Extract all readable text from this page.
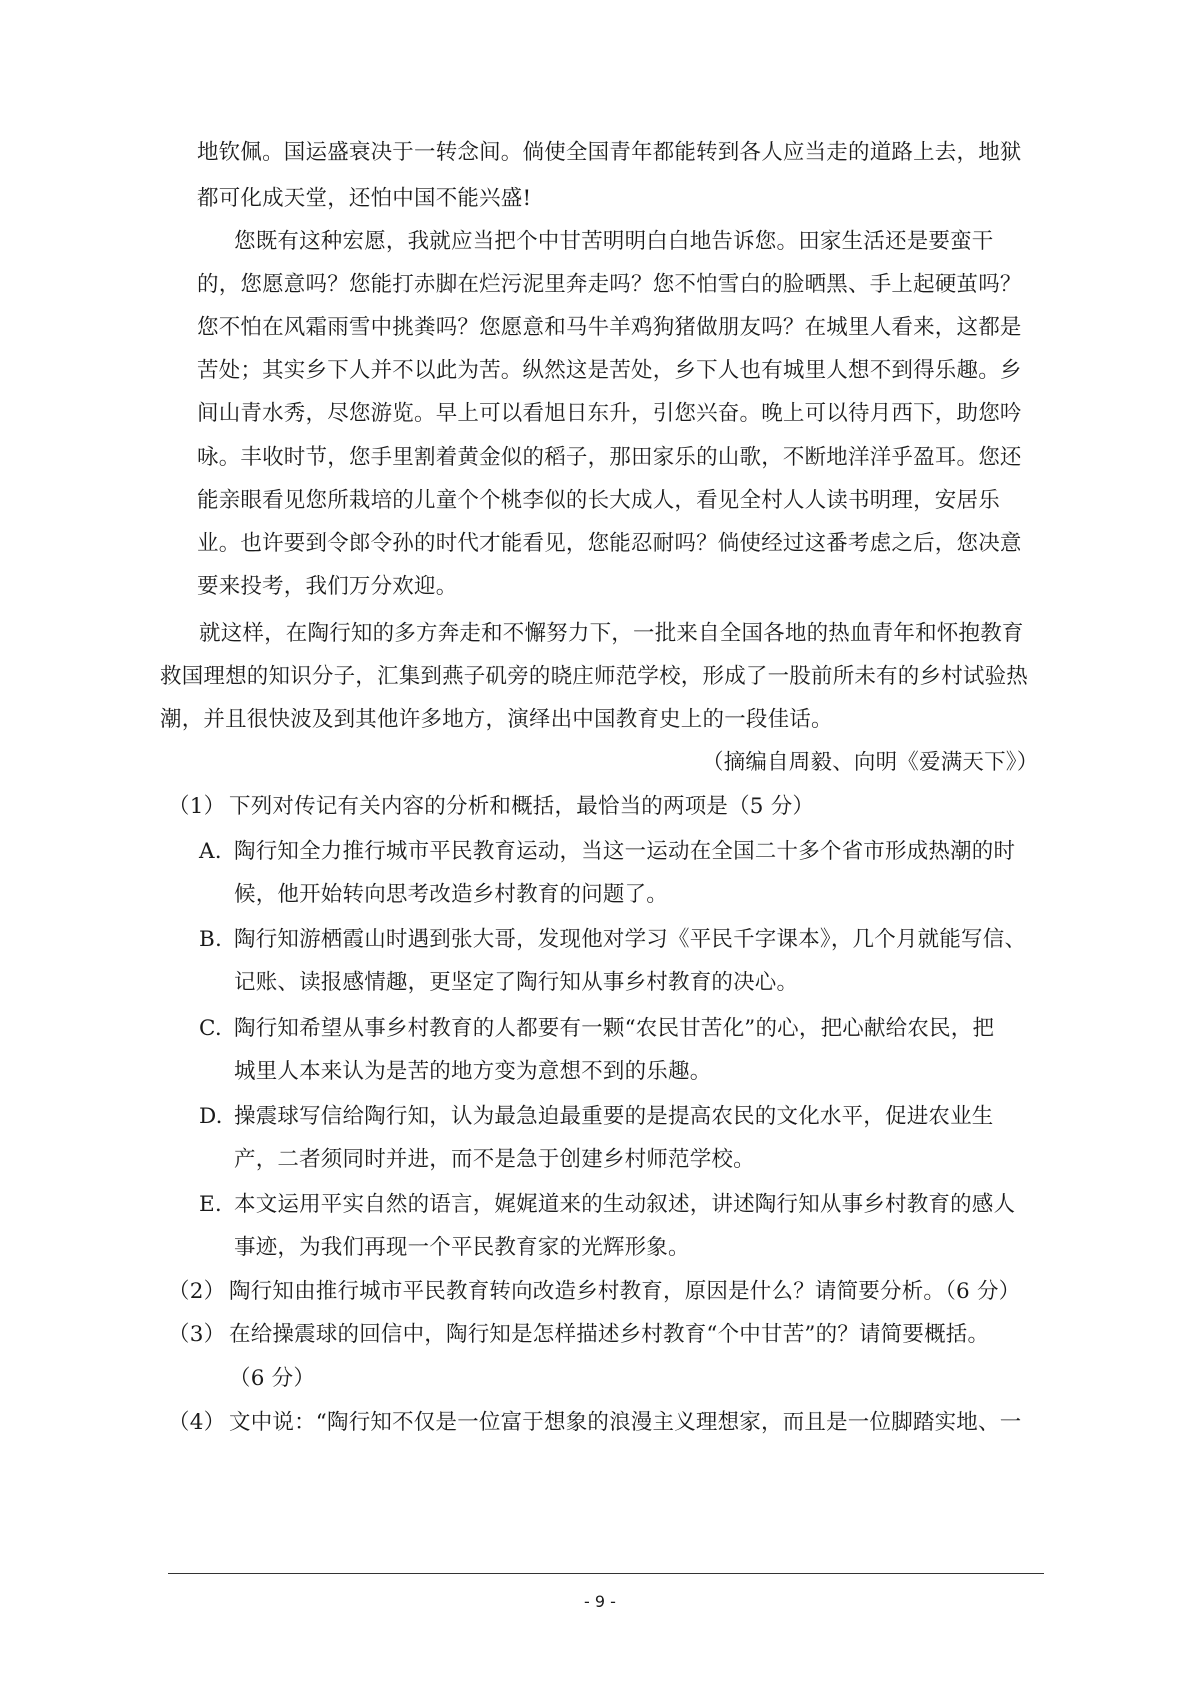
地钦佩。国运盛衰决于一转念间。倘使全国青年都能转到各人应当走的道路上去，地狱
都可化成天堂，还怕中国不能兴盛!
您既有这种宏愿，我就应当把个中甘苦明明白白地告诉您。田家生活还是要蛮干
的，您愿意吗？您能打赤脚在烂污泥里奔走吗？您不怕雪白的脸晒黑、手上起硬茧吗？
您不怕在风霜雨雪中挑粪吗？您愿意和马牛羊鸡狗猪做朋友吗？在城里人看来，这都是
苦处；其实乡下人并不以此为苦。纵然这是苦处，乡下人也有城里人想不到得乐趣。乡
间山青水秀，尽您游览。早上可以看旭日东升，引您兴奋。晚上可以待月西下，助您吟
咏。丰收时节，您手里割着黄金似的稻子，那田家乐的山歌，不断地洋洋乎盈耳。您还
能亲眼看见您所栽培的儿童个个桃李似的长大成人，看见全村人人读书明理，安居乐
业。也许要到令郎令孙的时代才能看见，您能忍耐吗？倘使经过这番考虑之后，您决意
要来投考，我们万分欢迎。
就这样，在陶行知的多方奔走和不懈努力下，一批来自全国各地的热血青年和怀抱教育
救国理想的知识分子，汇集到燕子矶旁的晓庄师范学校，形成了一股前所未有的乡村试验热
潮，并且很快波及到其他许多地方，演绎出中国教育史上的一段佳话。
（摘编自周毅、向明《爱满天下》）
（1） 下列对传记有关内容的分析和概括，最恰当的两项是（5 分）
A. 陶行知全力推行城市平民教育运动，当这一运动在全国二十多个省市形成热潮的时
候，他开始转向思考改造乡村教育的问题了。
B. 陶行知游栖霞山时遇到张大哥，发现他对学习《平民千字课本》，几个月就能写信、
记账、读报感情趣，更坚定了陶行知从事乡村教育的决心。
C. 陶行知希望从事乡村教育的人都要有一颗“农民甘苦化”的心，把心献给农民，把
城里人本来认为是苦的地方变为意想不到的乐趣。
D. 操震球写信给陶行知，认为最急迫最重要的是提高农民的文化水平，促进农业生
产，二者须同时并进，而不是急于创建乡村师范学校。
E. 本文运用平实自然的语言，娓娓道来的生动叙述，讲述陶行知从事乡村教育的感人
事迹，为我们再现一个平民教育家的光辉形象。
（2） 陶行知由推行城市平民教育转向改造乡村教育，原因是什么？请简要分析。（6 分）
（3） 在给操震球的回信中，陶行知是怎样描述乡村教育“个中甘苦”的？请简要概括。
（6 分）
（4） 文中说：“陶行知不仅是一位富于想象的浪漫主义理想家，而且是一位脚踏实地、一
- 9 -
